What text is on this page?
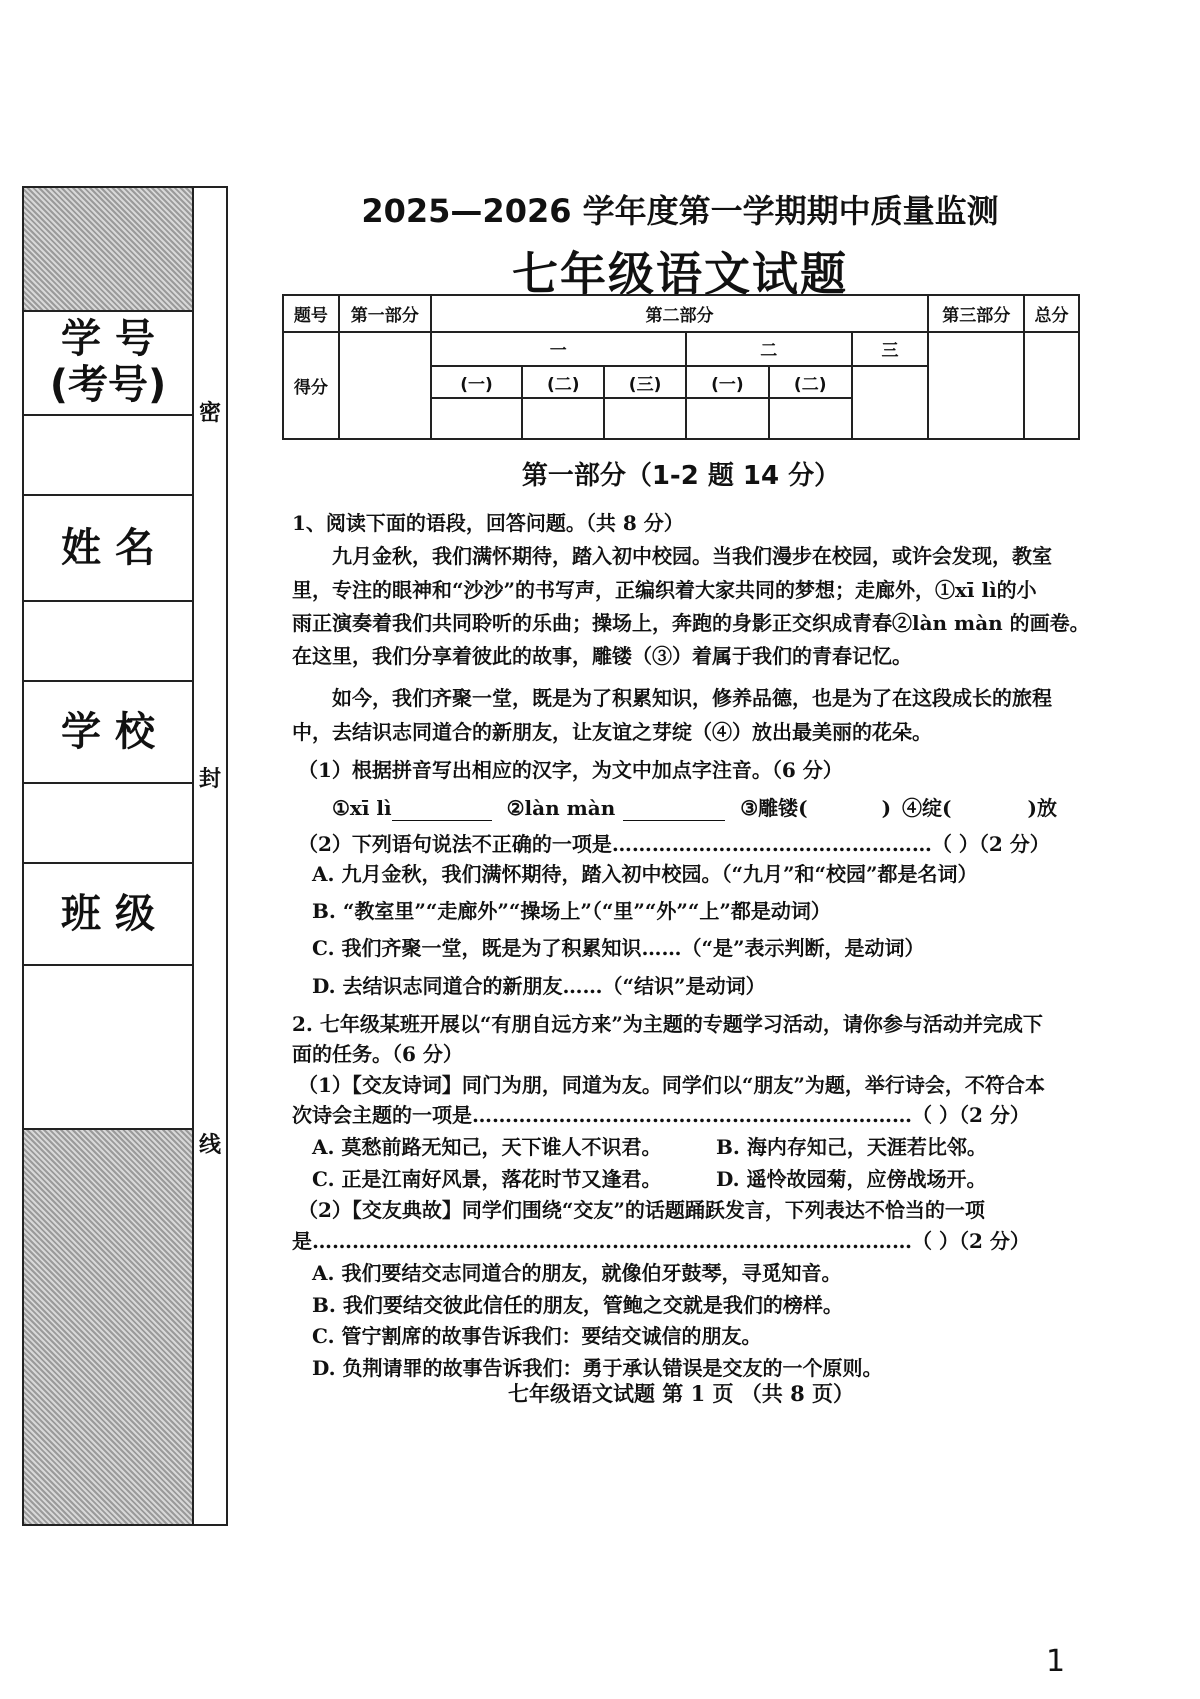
学 号
(考号)
姓 名
学 校
班 级
密
封
线
2025—2026 学年度第一学期期中质量监测
七年级语文试题
题号	第一部分	第二部分						第三部分	总分
得分		一			二		三		
		(一)	(二)	(三)	(一)	(二)			

第一部分（1-2 题 14 分）
1、阅读下面的语段，回答问题。（共 8 分）
九月金秋，我们满怀期待，踏入初中校园。当我们漫步在校园，或许会发现，教室
里，专注的眼神和“沙沙”的书写声，正编织着大家共同的梦想；走廊外，①xī lì的小
雨正演奏着我们共同聆听的乐曲；操场上，奔跑的身影正交织成青春②làn màn 的画卷。
在这里，我们分享着彼此的故事，雕镂（③）着属于我们的青春记忆。
如今，我们齐聚一堂，既是为了积累知识，修养品德，也是为了在这段成长的旅程
中，去结识志同道合的新朋友，让友谊之芽绽（④）放出最美丽的花朵。
（1）根据拼音写出相应的汉字，为文中加点字注音。（6 分）
①xī lì	②làn màn	③雕镂(	) ④绽(	)放
（2）下列语句说法不正确的一项是…………………………………………（ ）（2 分）
A. 九月金秋，我们满怀期待，踏入初中校园。（“九月”和“校园”都是名词）
B. “教室里”“走廊外”“操场上”（“里”“外”“上”都是动词）
C. 我们齐聚一堂，既是为了积累知识……（“是”表示判断，是动词）
D. 去结识志同道合的新朋友……（“结识”是动词）
2. 七年级某班开展以“有朋自远方来”为主题的专题学习活动，请你参与活动并完成下
面的任务。（6 分）
（1）【交友诗词】同门为朋，同道为友。同学们以“朋友”为题，举行诗会，不符合本
次诗会主题的一项是…………………………………………………………（ ）（2 分）
A. 莫愁前路无知己，天下谁人不识君。	B. 海内存知己，天涯若比邻。
C. 正是江南好风景，落花时节又逢君。	D. 遥怜故园菊，应傍战场开。
（2）【交友典故】同学们围绕“交友”的话题踊跃发言，下列表达不恰当的一项
是………………………………………………………………………………（ ）（2 分）
A. 我们要结交志同道合的朋友，就像伯牙鼓琴，寻觅知音。
B. 我们要结交彼此信任的朋友，管鲍之交就是我们的榜样。
C. 管宁割席的故事告诉我们：要结交诚信的朋友。
D. 负荆请罪的故事告诉我们：勇于承认错误是交友的一个原则。
七年级语文试题 第 1 页 （共 8 页）
1
